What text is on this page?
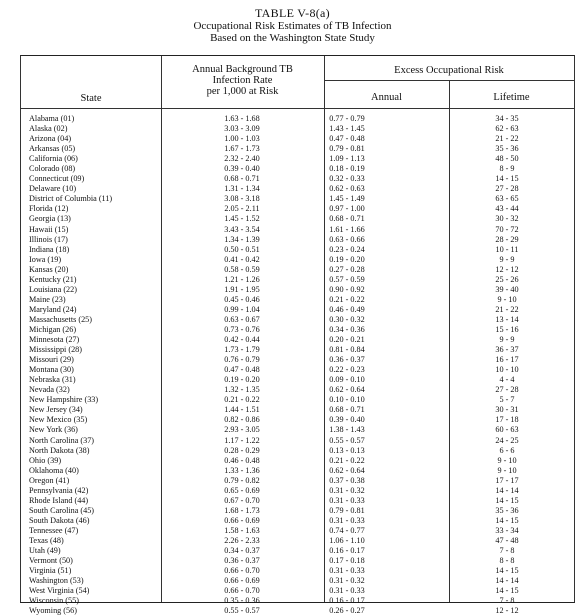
TABLE V-8(a)
Occupational Risk Estimates of TB Infection
Based on the Washington State Study
State
Annual Background TB
Infection Rate
per 1,000 at Risk
Excess Occupational Risk
Annual	Lifetime
Alabama (01)	1.63 - 1.68	0.77 - 0.79	34 - 35
Alaska (02)	3.03 - 3.09	1.43 - 1.45	62 - 63
Arizona (04)	1.00 - 1.03	0.47 - 0.48	21 - 22
Arkansas (05)	1.67 - 1.73	0.79 - 0.81	35 - 36
California (06)	2.32 - 2.40	1.09 - 1.13	48 - 50
Colorado (08)	0.39 - 0.40	0.18 - 0.19	8 - 9
Connecticut (09)	0.68 - 0.71	0.32 - 0.33	14 - 15
Delaware (10)	1.31 - 1.34	0.62 - 0.63	27 - 28
District of Columbia (11)	3.08 - 3.18	1.45 - 1.49	63 - 65
Florida (12)	2.05 - 2.11	0.97 - 1.00	43 - 44
Georgia (13)	1.45 - 1.52	0.68 - 0.71	30 - 32
Hawaii (15)	3.43 - 3.54	1.61 - 1.66	70 - 72
Illinois (17)	1.34 - 1.39	0.63 - 0.66	28 - 29
Indiana (18)	0.50 - 0.51	0.23 - 0.24	10 - 11
Iowa (19)	0.41 - 0.42	0.19 - 0.20	9 - 9
Kansas (20)	0.58 - 0.59	0.27 - 0.28	12 - 12
Kentucky (21)	1.21 - 1.26	0.57 - 0.59	25 - 26
Louisiana (22)	1.91 - 1.95	0.90 - 0.92	39 - 40
Maine (23)	0.45 - 0.46	0.21 - 0.22	9 - 10
Maryland (24)	0.99 - 1.04	0.46 - 0.49	21 - 22
Massachusetts (25)	0.63 - 0.67	0.30 - 0.32	13 - 14
Michigan (26)	0.73 - 0.76	0.34 - 0.36	15 - 16
Minnesota (27)	0.42 - 0.44	0.20 - 0.21	9 - 9
Mississippi (28)	1.73 - 1.79	0.81 - 0.84	36 - 37
Missouri (29)	0.76 - 0.79	0.36 - 0.37	16 - 17
Montana (30)	0.47 - 0.48	0.22 - 0.23	10 - 10
Nebraska (31)	0.19 - 0.20	0.09 - 0.10	4 - 4
Nevada (32)	1.32 - 1.35	0.62 - 0.64	27 - 28
New Hampshire (33)	0.21 - 0.22	0.10 - 0.10	5 - 7
New Jersey (34)	1.44 - 1.51	0.68 - 0.71	30 - 31
New Mexico (35)	0.82 - 0.86	0.39 - 0.40	17 - 18
New York (36)	2.93 - 3.05	1.38 - 1.43	60 - 63
North Carolina (37)	1.17 - 1.22	0.55 - 0.57	24 - 25
North Dakota (38)	0.28 - 0.29	0.13 - 0.13	6 - 6
Ohio (39)	0.46 - 0.48	0.21 - 0.22	9 - 10
Oklahoma (40)	1.33 - 1.36	0.62 - 0.64	9 - 10
Oregon (41)	0.79 - 0.82	0.37 - 0.38	17 - 17
Pennsylvania (42)	0.65 - 0.69	0.31 - 0.32	14 - 14
Rhode Island (44)	0.67 - 0.70	0.31 - 0.33	14 - 15
South Carolina (45)	1.68 - 1.73	0.79 - 0.81	35 - 36
South Dakota (46)	0.66 - 0.69	0.31 - 0.33	14 - 15
Tennessee (47)	1.58 - 1.63	0.74 - 0.77	33 - 34
Texas (48)	2.26 - 2.33	1.06 - 1.10	47 - 48
Utah (49)	0.34 - 0.37	0.16 - 0.17	7 - 8
Vermont (50)	0.36 - 0.37	0.17 - 0.18	8 - 8
Virginia (51)	0.66 - 0.70	0.31 - 0.33	14 - 15
Washington (53)	0.66 - 0.69	0.31 - 0.32	14 - 14
West Virginia (54)	0.66 - 0.70	0.31 - 0.33	14 - 15
Wisconsin (55)	0.35 - 0.36	0.16 - 0.17	7 - 8
Wyoming (56)	0.55 - 0.57	0.26 - 0.27	12 - 12
